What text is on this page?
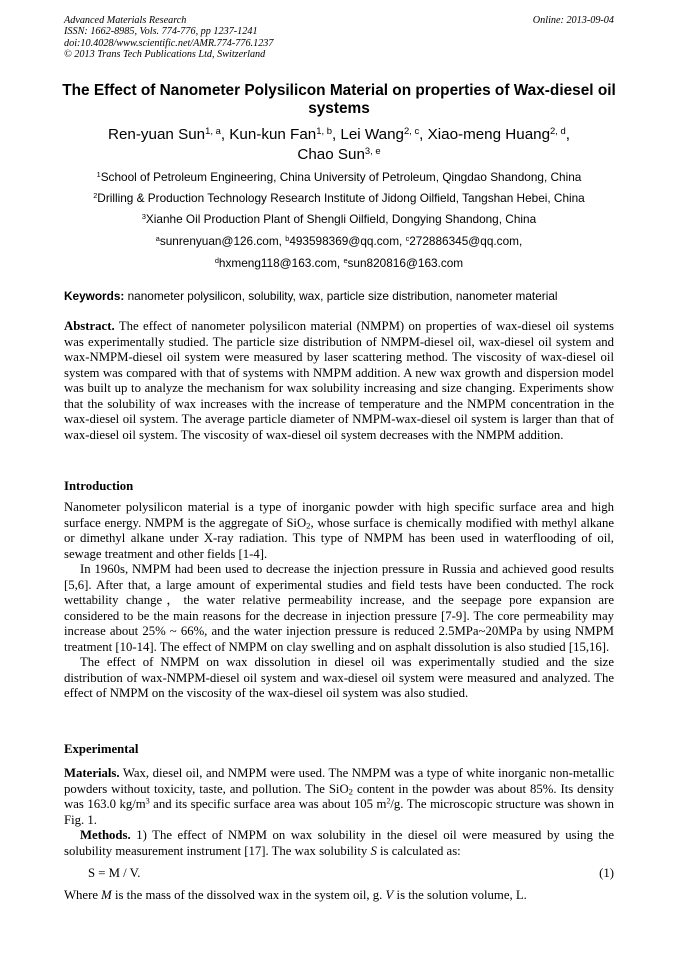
Advanced Materials Research
ISSN: 1662-8985, Vols. 774-776, pp 1237-1241
doi:10.4028/www.scientific.net/AMR.774-776.1237
© 2013 Trans Tech Publications Ltd, Switzerland
Online: 2013-09-04
The Effect of Nanometer Polysilicon Material on properties of Wax-diesel oil systems
Ren-yuan Sun$^{1, a}$, Kun-kun Fan$^{1, b}$, Lei Wang$^{2, c}$, Xiao-meng Huang$^{2, d}$,
Chao Sun$^{3, e}$
$^1$School of Petroleum Engineering, China University of Petroleum, Qingdao Shandong, China
$^2$Drilling & Production Technology Research Institute of Jidong Oilfield, Tangshan Hebei, China
$^3$Xianhe Oil Production Plant of Shengli Oilfield, Dongying Shandong, China
$^a$sunrenyuan@126.com, $^b$493598369@qq.com, $^c$272886345@qq.com,
$^d$hxmeng118@163.com, $^e$sun820816@163.com
Keywords: nanometer polysilicon, solubility, wax, particle size distribution, nanometer material

Abstract. The effect of nanometer polysilicon material (NMPM) on properties of wax-diesel oil systems was experimentally studied. The particle size distribution of NMPM-diesel oil, wax-diesel oil system and wax-NMPM-diesel oil system were measured by laser scattering method. The viscosity of wax-diesel oil system was compared with that of systems with NMPM addition. A new wax growth and dispersion model was built up to analyze the mechanism for wax solubility increasing and size changing. Experiments show that the solubility of wax increases with the increase of temperature and the NMPM concentration in the wax-diesel oil system. The average particle diameter of NMPM-wax-diesel oil system is larger than that of wax-diesel oil system. The viscosity of wax-diesel oil system decreases with the NMPM addition.

Introduction

Nanometer polysilicon material is a type of inorganic powder with high specific surface area and high surface energy. NMPM is the aggregate of SiO$_2$, whose surface is chemically modified with methyl alkane or dimethyl alkane under X-ray radiation. This type of NMPM has been used in waterflooding of oil, sewage treatment and other fields [1-4].

In 1960s, NMPM had been used to decrease the injection pressure in Russia and achieved good results [5,6]. After that, a large amount of experimental studies and field tests have been conducted. The rock wettability change，the water relative permeability increase, and the seepage pore expansion are considered to be the main reasons for the decrease in injection pressure [7-9]. The core permeability may increase about 25% ~ 66%, and the water injection pressure is reduced 2.5MPa~20MPa by using NMPM treatment [10-14]. The effect of NMPM on clay swelling and on asphalt dissolution is also studied [15,16].

The effect of NMPM on wax dissolution in diesel oil was experimentally studied and the size distribution of wax-NMPM-diesel oil system and wax-diesel oil system were measured and analyzed. The effect of NMPM on the viscosity of the wax-diesel oil system was also studied.

Experimental

Materials. Wax, diesel oil, and NMPM were used. The NMPM was a type of white inorganic non-metallic powders without toxicity, taste, and pollution. The SiO$_2$ content in the powder was about 85%. Its density was 163.0 $kg/m^3$ and its specific surface area was about 105 $m^2/g$. The microscopic structure was shown in Fig. 1.

Methods. 1) The effect of NMPM on wax solubility in the diesel oil were measured by using the solubility measurement instrument [17]. The wax solubility S is calculated as:

S = M / V.	(1)

Where M is the mass of the dissolved wax in the system oil, g. V is the solution volume, L.
